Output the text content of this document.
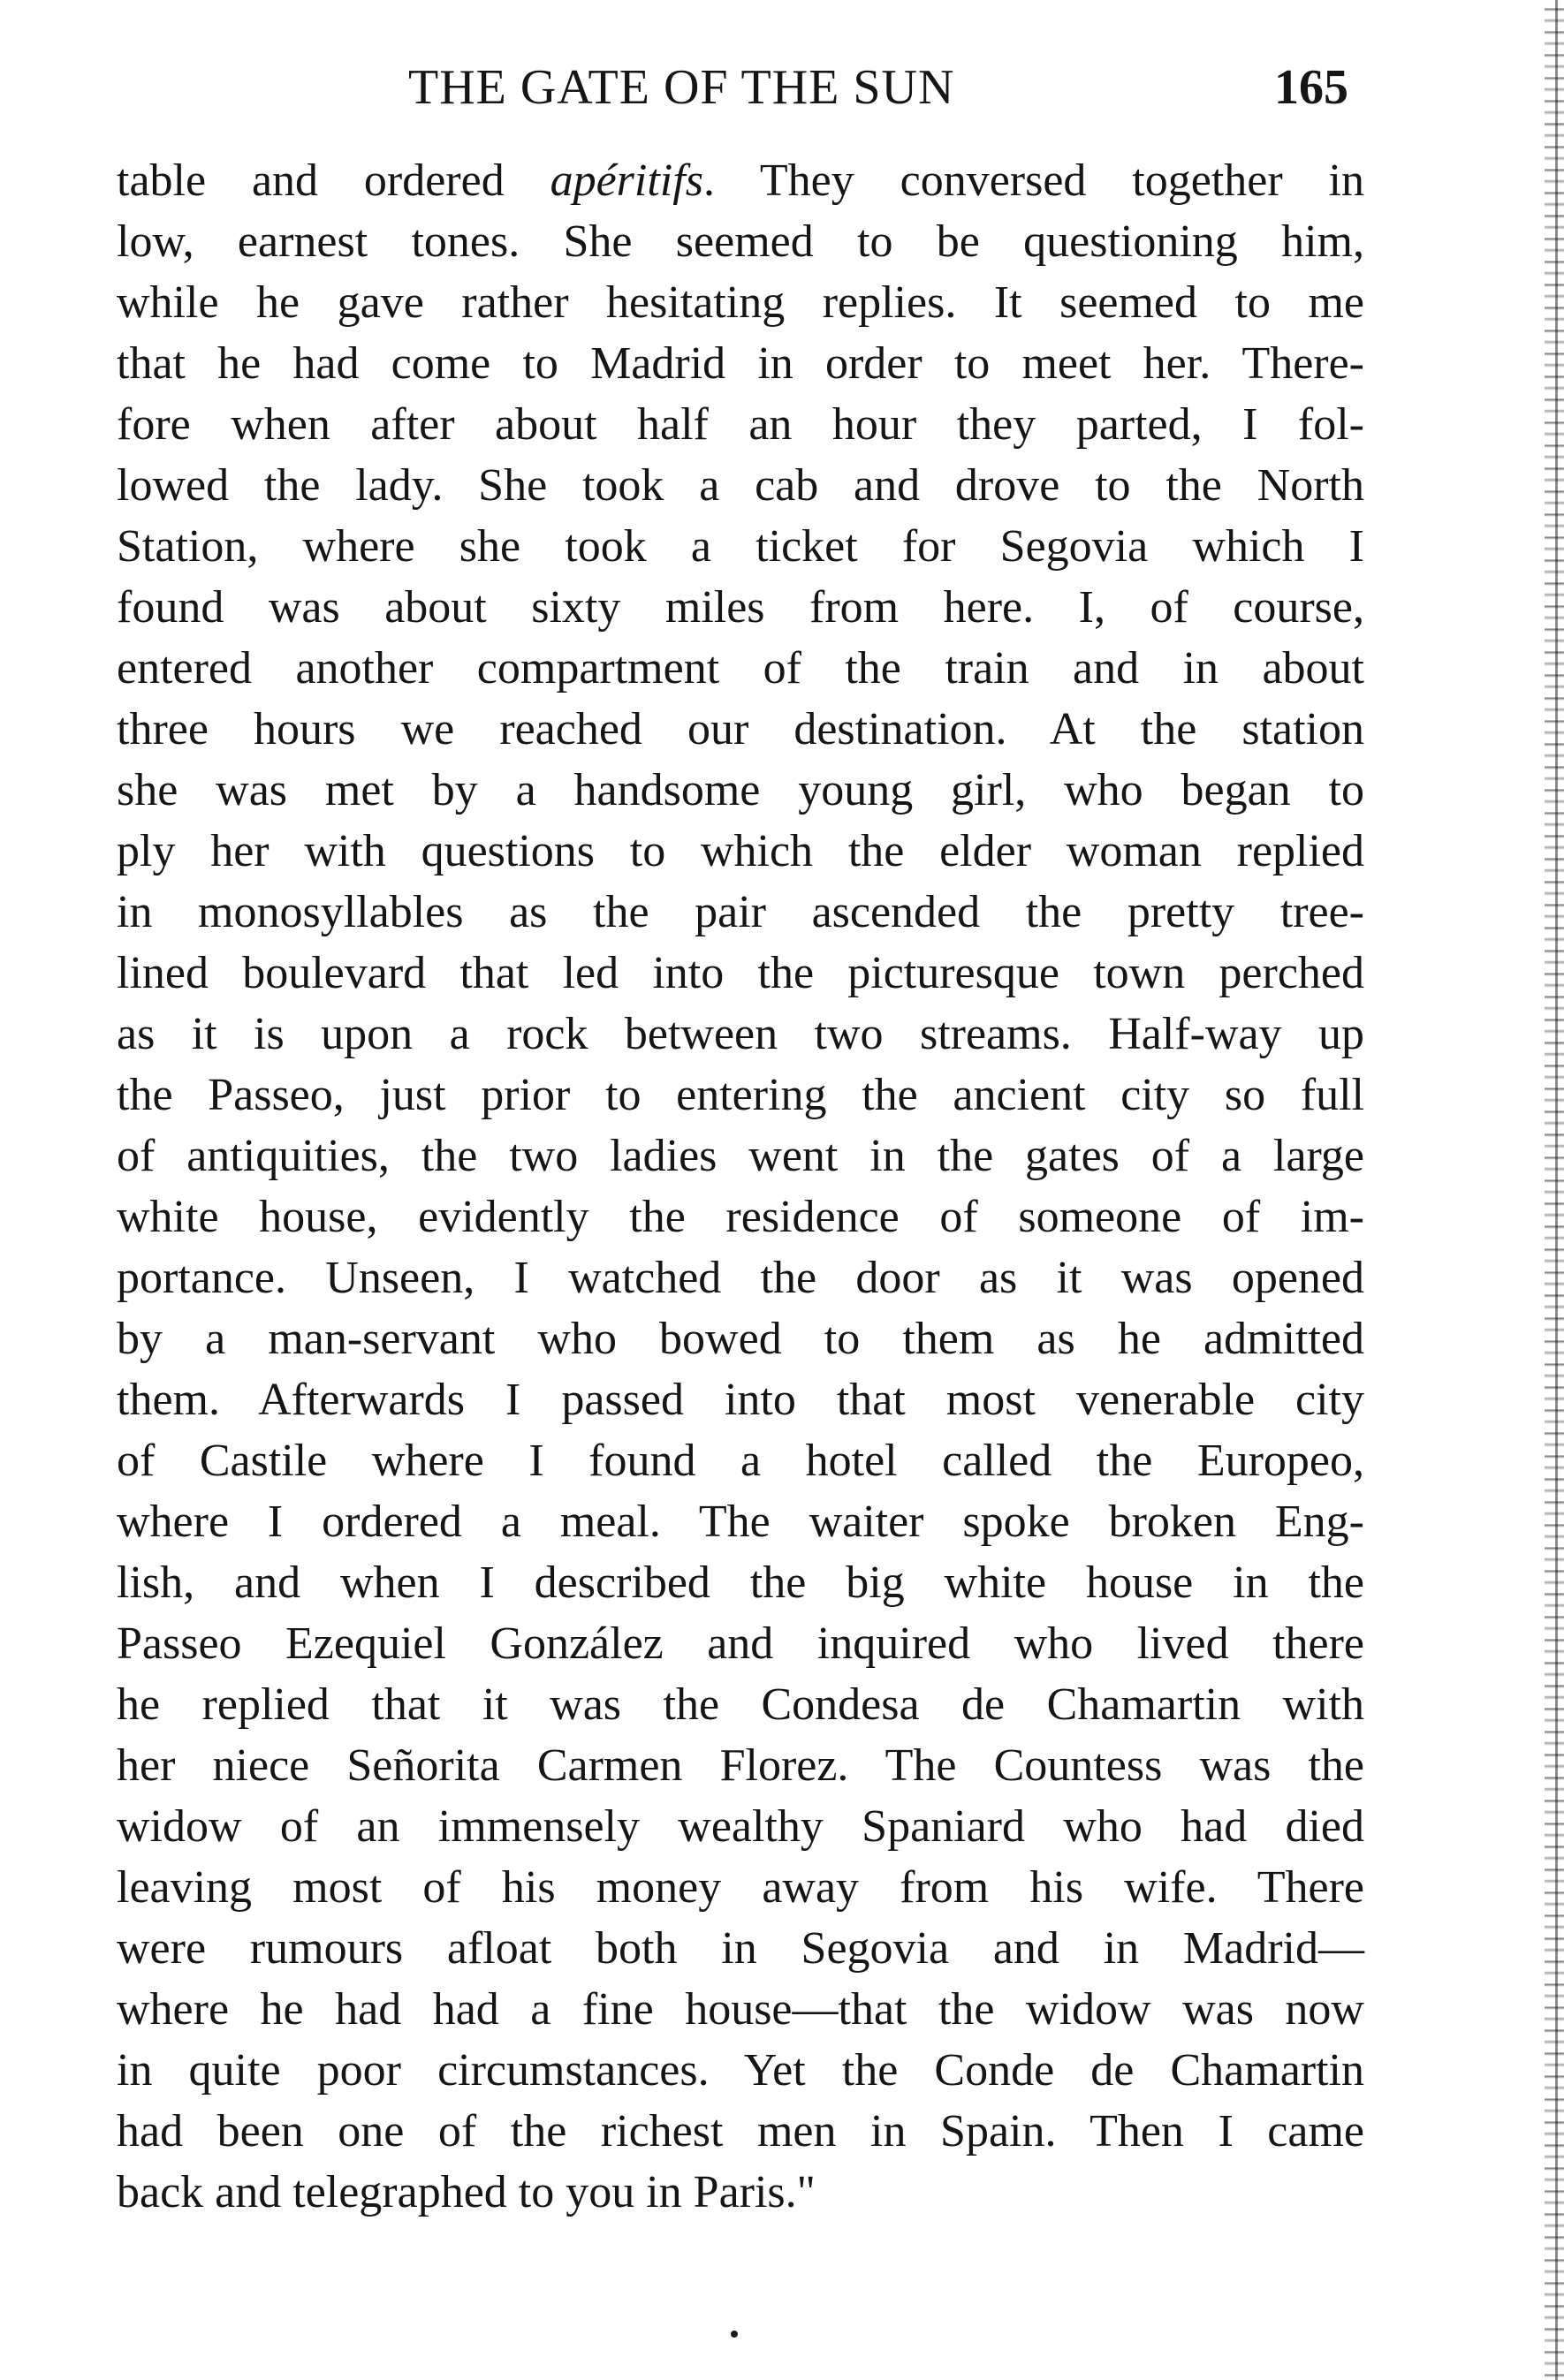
THE GATE OF THE SUN	165
table and ordered apéritifs. They conversed together in
low, earnest tones. She seemed to be questioning him,
while he gave rather hesitating replies. It seemed to me
that he had come to Madrid in order to meet her. There-
fore when after about half an hour they parted, I fol-
lowed the lady. She took a cab and drove to the North
Station, where she took a ticket for Segovia which I
found was about sixty miles from here. I, of course,
entered another compartment of the train and in about
three hours we reached our destination. At the station
she was met by a handsome young girl, who began to
ply her with questions to which the elder woman replied
in monosyllables as the pair ascended the pretty tree-
lined boulevard that led into the picturesque town perched
as it is upon a rock between two streams. Half-way up
the Passeo, just prior to entering the ancient city so full
of antiquities, the two ladies went in the gates of a large
white house, evidently the residence of someone of im-
portance. Unseen, I watched the door as it was opened
by a man-servant who bowed to them as he admitted
them. Afterwards I passed into that most venerable city
of Castile where I found a hotel called the Europeo,
where I ordered a meal. The waiter spoke broken Eng-
lish, and when I described the big white house in the
Passeo Ezequiel González and inquired who lived there
he replied that it was the Condesa de Chamartin with
her niece Señorita Carmen Florez. The Countess was the
widow of an immensely wealthy Spaniard who had died
leaving most of his money away from his wife. There
were rumours afloat both in Segovia and in Madrid—
where he had had a fine house—that the widow was now
in quite poor circumstances. Yet the Conde de Chamartin
had been one of the richest men in Spain. Then I came
back and telegraphed to you in Paris."
